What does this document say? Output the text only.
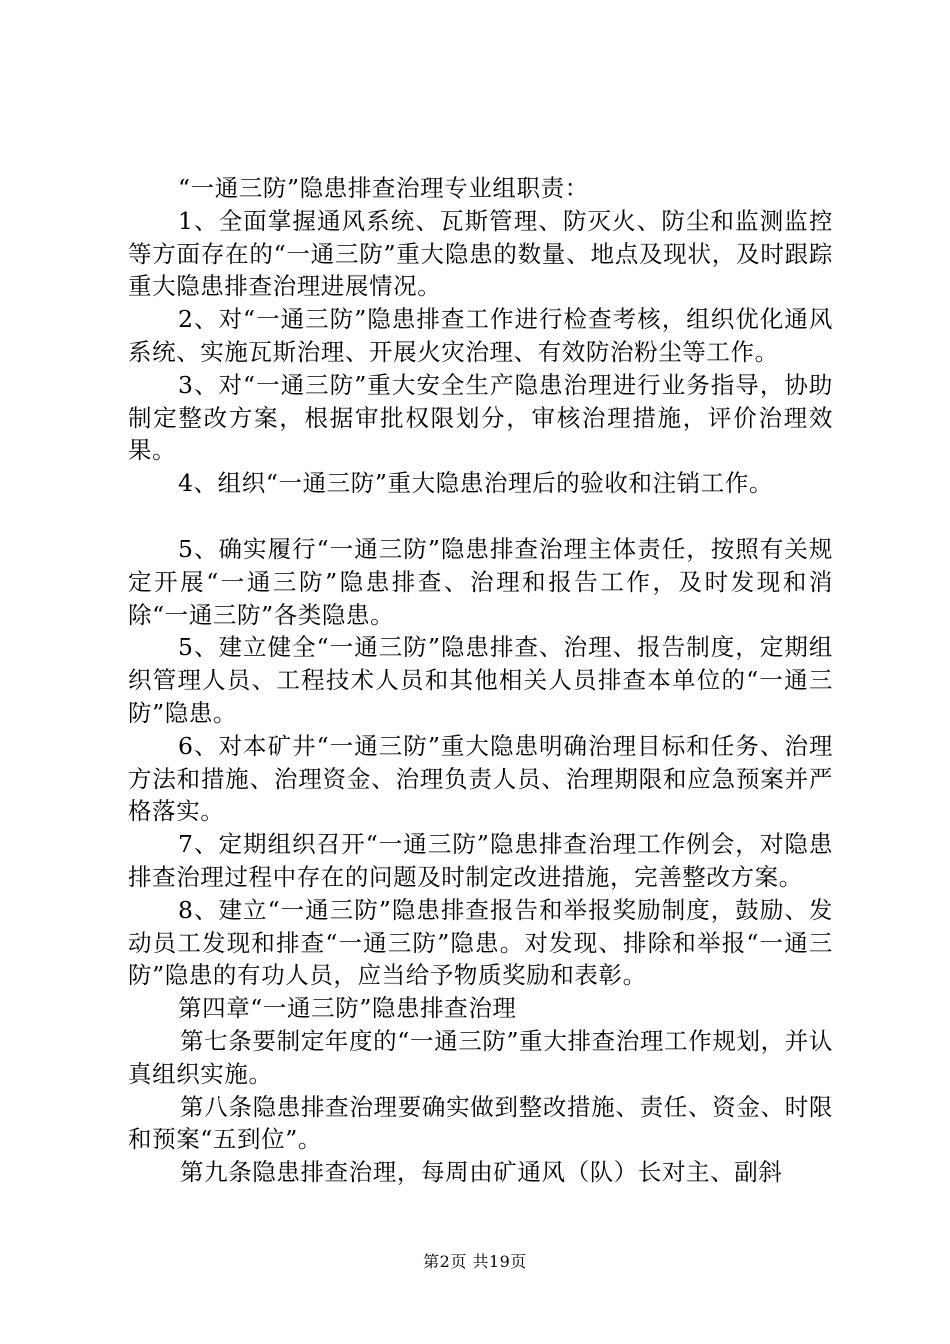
“一通三防”隐患排查治理专业组职责：

1、全面掌握通风系统、瓦斯管理、防灭火、防尘和监测监控等方面存在的“一通三防”重大隐患的数量、地点及现状，及时跟踪重大隐患排查治理进展情况。

2、对“一通三防”隐患排查工作进行检查考核，组织优化通风系统、实施瓦斯治理、开展火灾治理、有效防治粉尘等工作。

3、对“一通三防”重大安全生产隐患治理进行业务指导，协助制定整改方案，根据审批权限划分，审核治理措施，评价治理效果。

4、组织“一通三防”重大隐患治理后的验收和注销工作。

5、确实履行“一通三防”隐患排查治理主体责任，按照有关规定开展“一通三防”隐患排查、治理和报告工作，及时发现和消除“一通三防”各类隐患。

5、建立健全“一通三防”隐患排查、治理、报告制度，定期组织管理人员、工程技术人员和其他相关人员排查本单位的“一通三防”隐患。

6、对本矿井“一通三防”重大隐患明确治理目标和任务、治理方法和措施、治理资金、治理负责人员、治理期限和应急预案并严格落实。

7、定期组织召开“一通三防”隐患排查治理工作例会，对隐患排查治理过程中存在的问题及时制定改进措施，完善整改方案。

8、建立“一通三防”隐患排查报告和举报奖励制度，鼓励、发动员工发现和排查“一通三防”隐患。对发现、排除和举报“一通三防”隐患的有功人员，应当给予物质奖励和表彰。

第四章“一通三防”隐患排查治理

第七条要制定年度的“一通三防”重大排查治理工作规划，并认真组织实施。

第八条隐患排查治理要确实做到整改措施、责任、资金、时限和预案“五到位”。

第九条隐患排查治理，每周由矿通风（队）长对主、副斜

第2页 共19页
